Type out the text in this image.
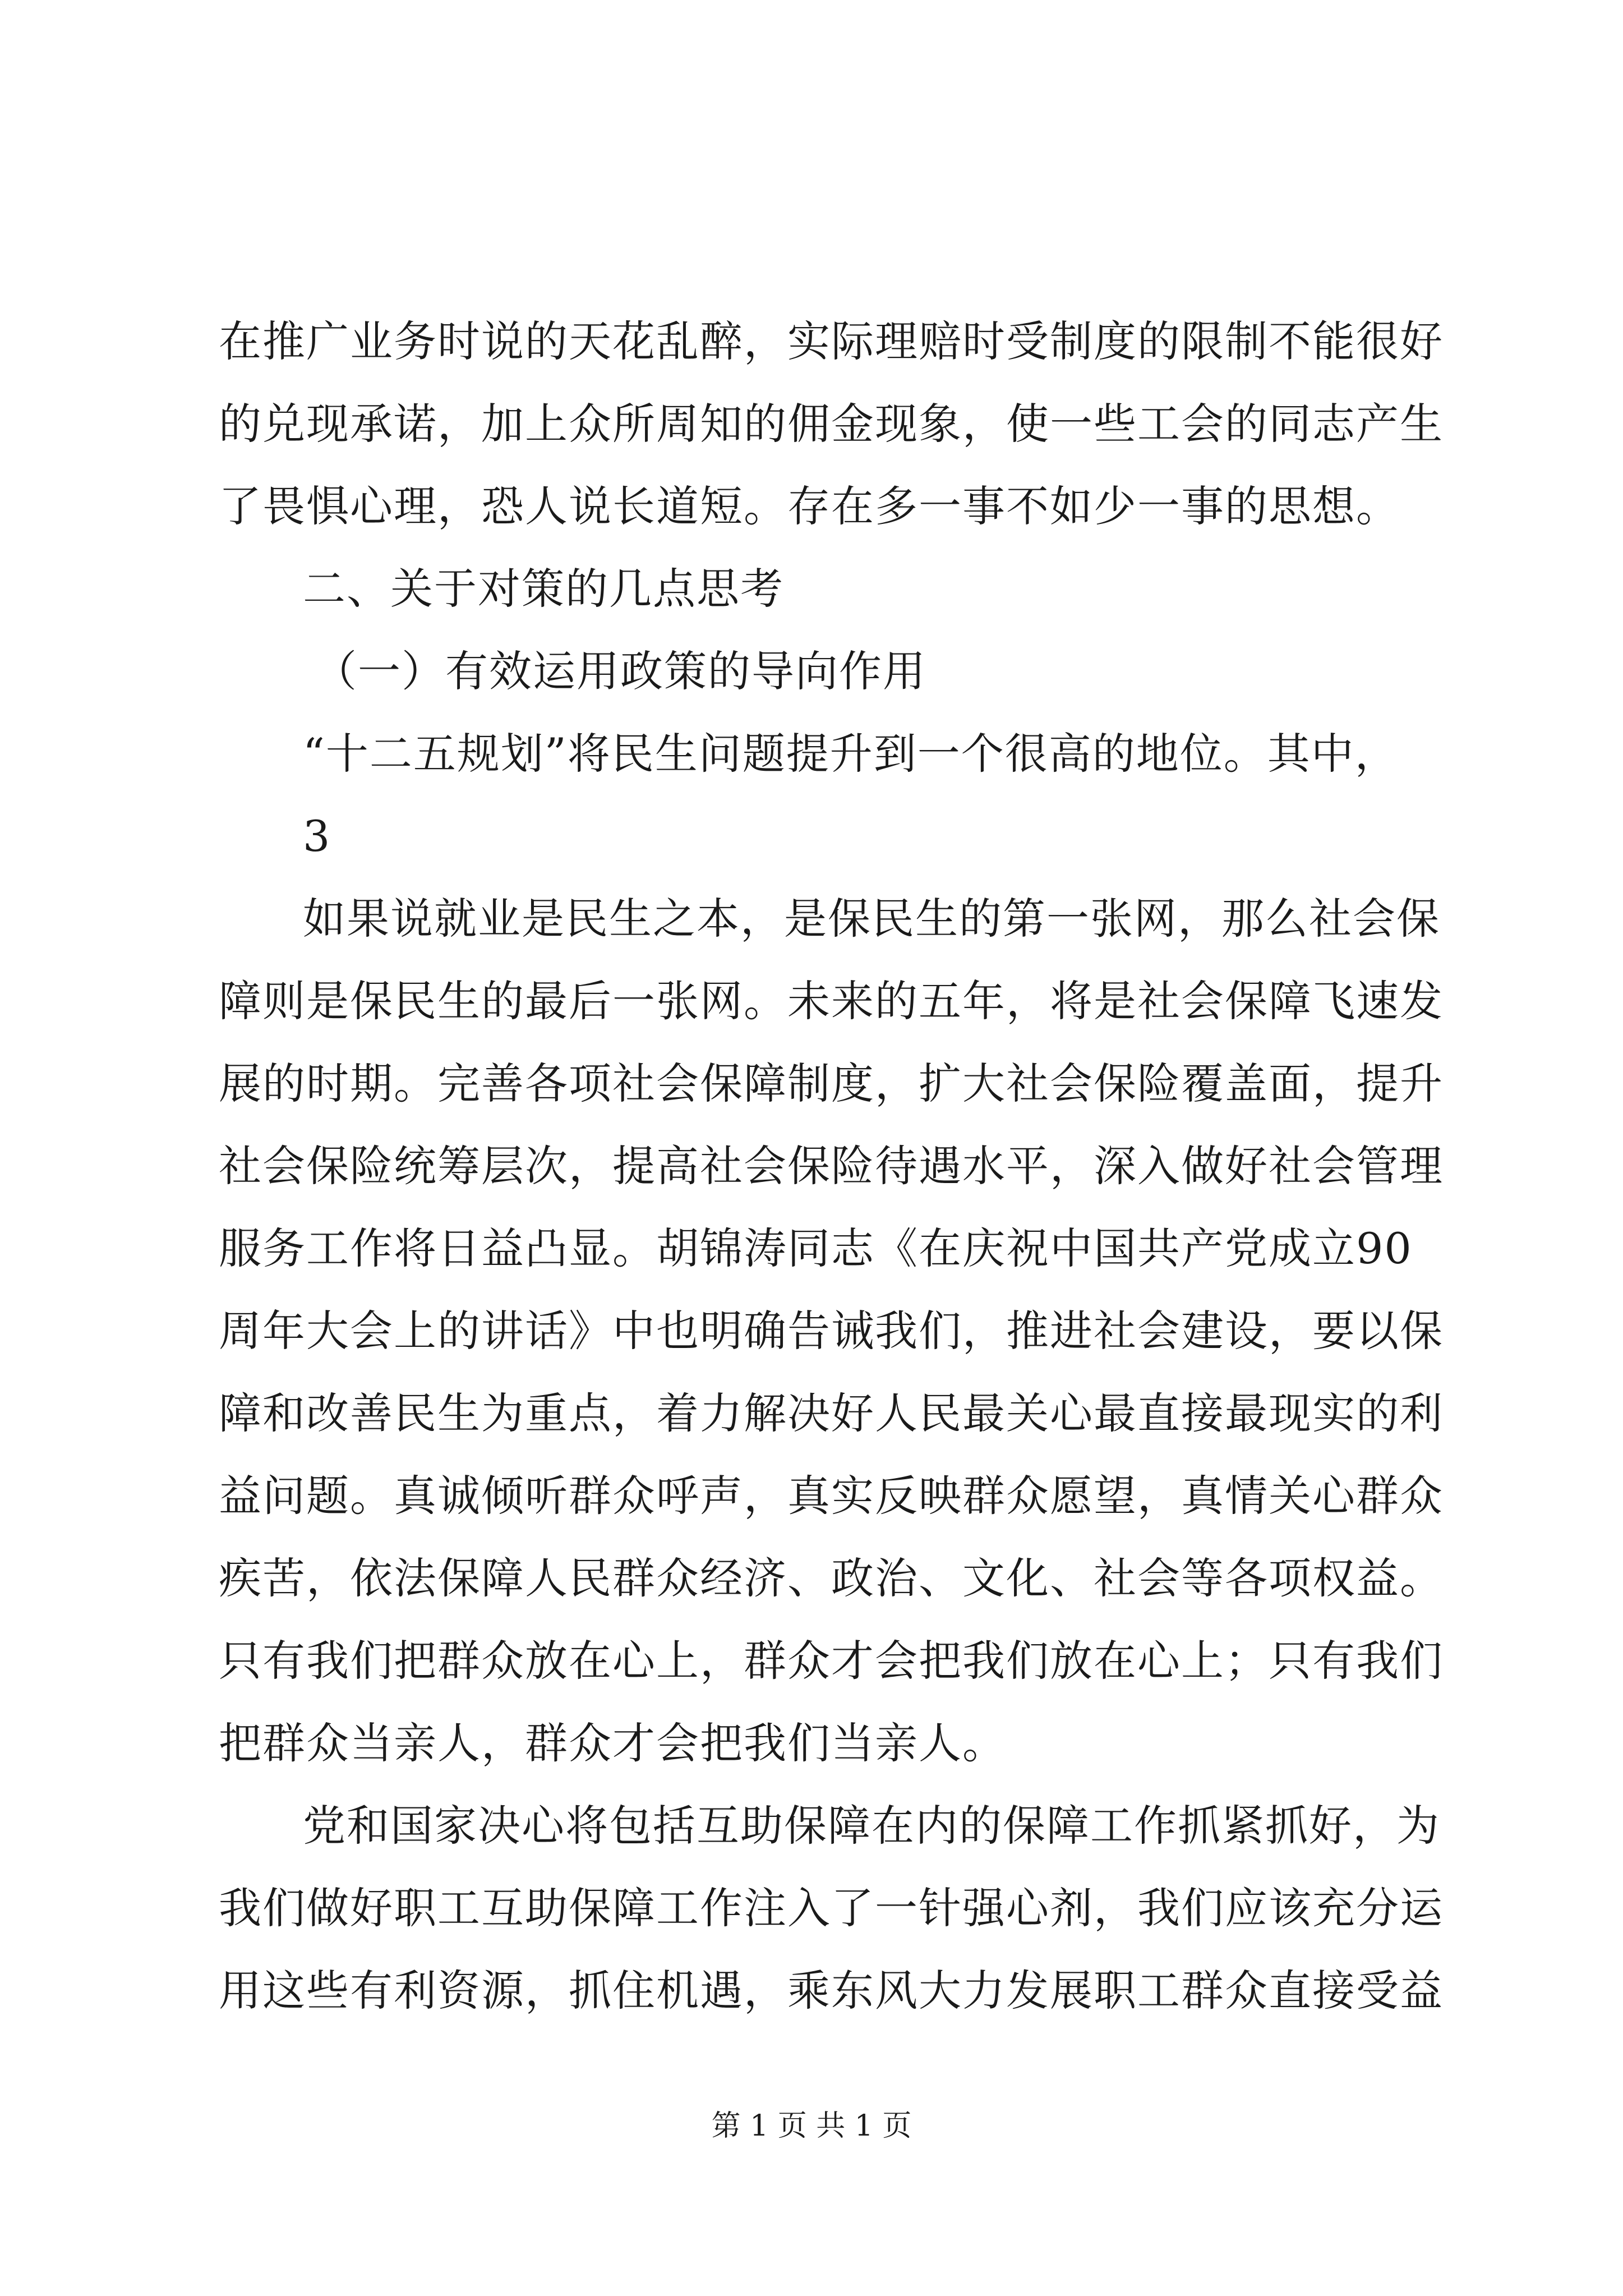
在推广业务时说的天花乱醉，实际理赔时受制度的限制不能很好
的兑现承诺，加上众所周知的佣金现象，使一些工会的同志产生
了畏惧心理，恐人说长道短。存在多一事不如少一事的思想。
二、关于对策的几点思考
（一）有效运用政策的导向作用
“十二五规划”将民生问题提升到一个很高的地位。其中，
3
如果说就业是民生之本，是保民生的第一张网，那么社会保
障则是保民生的最后一张网。未来的五年，将是社会保障飞速发
展的时期。完善各项社会保障制度，扩大社会保险覆盖面，提升
社会保险统筹层次，提高社会保险待遇水平，深入做好社会管理
服务工作将日益凸显。胡锦涛同志《在庆祝中国共产党成立90
周年大会上的讲话》中也明确告诫我们，推进社会建设，要以保
障和改善民生为重点，着力解决好人民最关心最直接最现实的利
益问题。真诚倾听群众呼声，真实反映群众愿望，真情关心群众
疾苦，依法保障人民群众经济、政治、文化、社会等各项权益。
只有我们把群众放在心上，群众才会把我们放在心上；只有我们
把群众当亲人，群众才会把我们当亲人。
党和国家决心将包括互助保障在内的保障工作抓紧抓好，为
我们做好职工互助保障工作注入了一针强心剂，我们应该充分运
用这些有利资源，抓住机遇，乘东风大力发展职工群众直接受益
第 1 页 共 1 页
